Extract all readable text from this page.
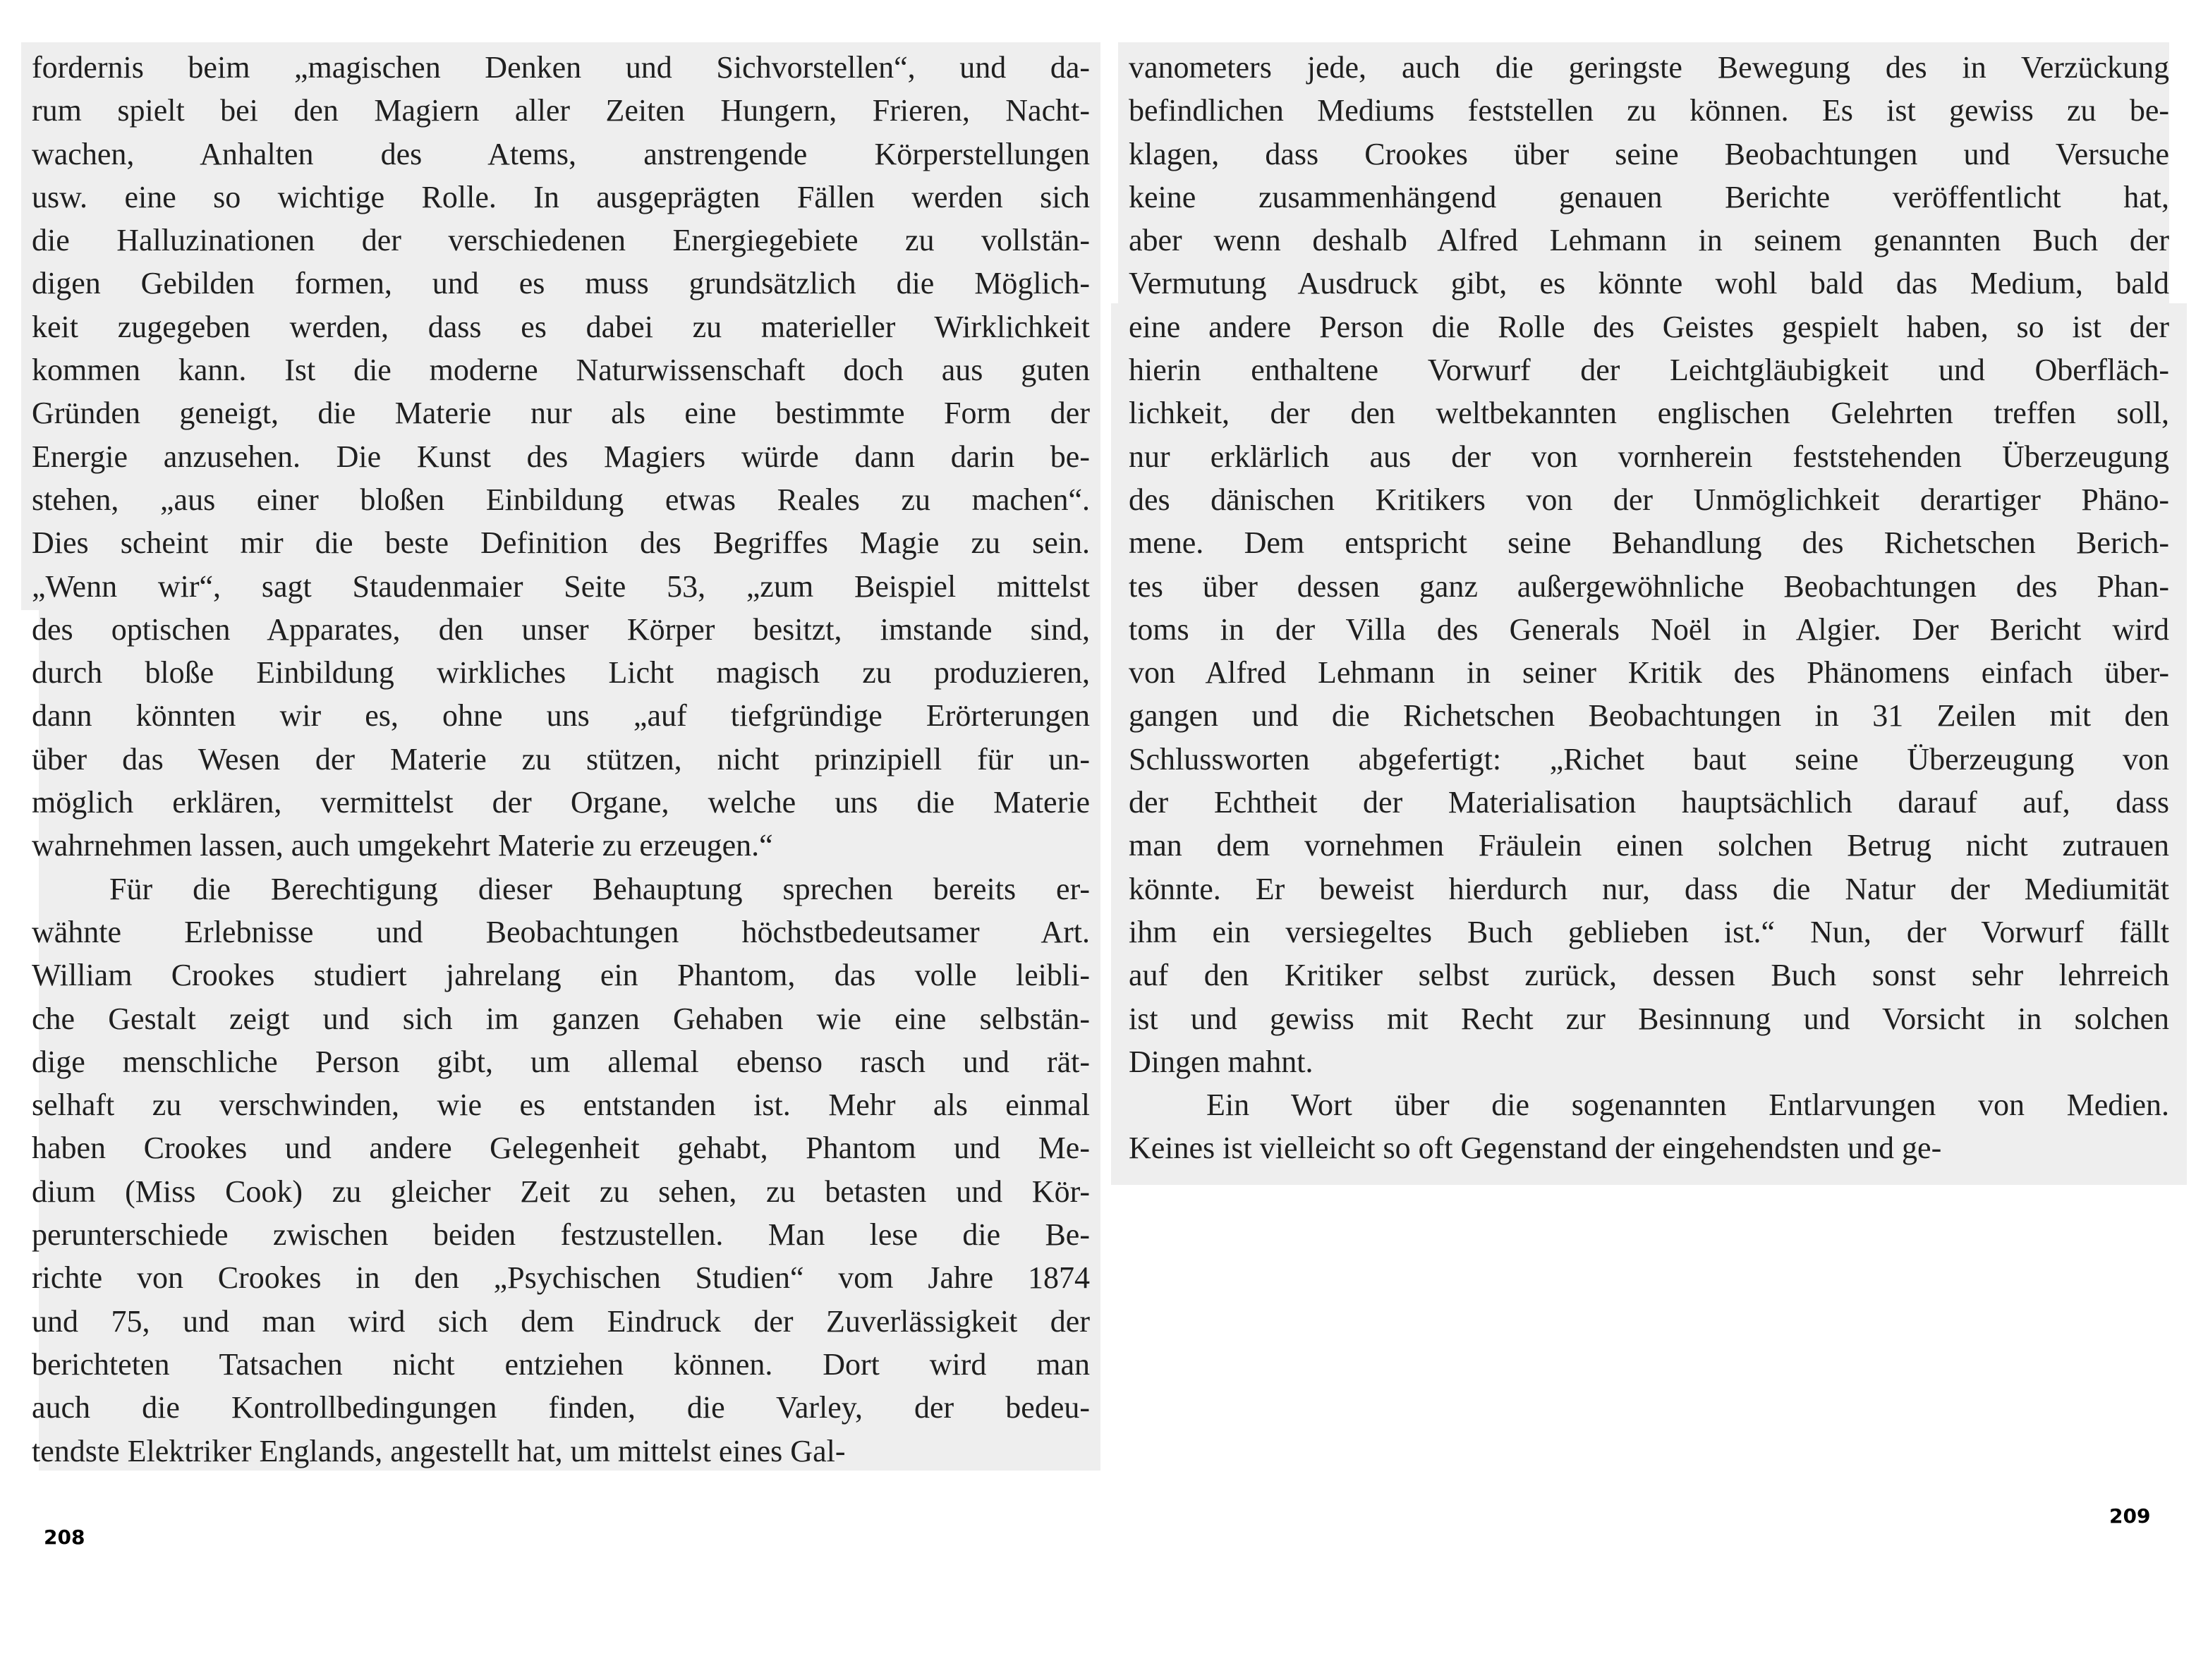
fordernis beim „magischen Denken und Sichvorstellen“, und da-
rum spielt bei den Magiern aller Zeiten Hungern, Frieren, Nacht-
wachen, Anhalten des Atems, anstrengende Körperstellungen
usw. eine so wichtige Rolle. In ausgeprägten Fällen werden sich
die Halluzinationen der verschiedenen Energiegebiete zu vollstän-
digen Gebilden formen, und es muss grundsätzlich die Möglich-
keit zugegeben werden, dass es dabei zu materieller Wirklichkeit
kommen kann. Ist die moderne Naturwissenschaft doch aus guten
Gründen geneigt, die Materie nur als eine bestimmte Form der
Energie anzusehen. Die Kunst des Magiers würde dann darin be-
stehen, „aus einer bloßen Einbildung etwas Reales zu machen“.
Dies scheint mir die beste Definition des Begriffes Magie zu sein.
„Wenn wir“, sagt Staudenmaier Seite 53, „zum Beispiel mittelst
des optischen Apparates, den unser Körper besitzt, imstande sind,
durch bloße Einbildung wirkliches Licht magisch zu produzieren,
dann könnten wir es, ohne uns „auf tiefgründige Erörterungen
über das Wesen der Materie zu stützen, nicht prinzipiell für un-
möglich erklären, vermittelst der Organe, welche uns die Materie
wahrnehmen lassen, auch umgekehrt Materie zu erzeugen.“
Für die Berechtigung dieser Behauptung sprechen bereits er-
wähnte Erlebnisse und Beobachtungen höchstbedeutsamer Art.
William Crookes studiert jahrelang ein Phantom, das volle leibli-
che Gestalt zeigt und sich im ganzen Gehaben wie eine selbstän-
dige menschliche Person gibt, um allemal ebenso rasch und rät-
selhaft zu verschwinden, wie es entstanden ist. Mehr als einmal
haben Crookes und andere Gelegenheit gehabt, Phantom und Me-
dium (Miss Cook) zu gleicher Zeit zu sehen, zu betasten und Kör-
perunterschiede zwischen beiden festzustellen. Man lese die Be-
richte von Crookes in den „Psychischen Studien“ vom Jahre 1874
und 75, und man wird sich dem Eindruck der Zuverlässigkeit der
berichteten Tatsachen nicht entziehen können. Dort wird man
auch die Kontrollbedingungen finden, die Varley, der bedeu-
tendste Elektriker Englands, angestellt hat, um mittelst eines Gal-
vanometers jede, auch die geringste Bewegung des in Verzückung
befindlichen Mediums feststellen zu können. Es ist gewiss zu be-
klagen, dass Crookes über seine Beobachtungen und Versuche
keine zusammenhängend genauen Berichte veröffentlicht hat,
aber wenn deshalb Alfred Lehmann in seinem genannten Buch der
Vermutung Ausdruck gibt, es könnte wohl bald das Medium, bald
eine andere Person die Rolle des Geistes gespielt haben, so ist der
hierin enthaltene Vorwurf der Leichtgläubigkeit und Oberfläch-
lichkeit, der den weltbekannten englischen Gelehrten treffen soll,
nur erklärlich aus der von vornherein feststehenden Überzeugung
des dänischen Kritikers von der Unmöglichkeit derartiger Phäno-
mene. Dem entspricht seine Behandlung des Richetschen Berich-
tes über dessen ganz außergewöhnliche Beobachtungen des Phan-
toms in der Villa des Generals Noël in Algier. Der Bericht wird
von Alfred Lehmann in seiner Kritik des Phänomens einfach über-
gangen und die Richetschen Beobachtungen in 31 Zeilen mit den
Schlussworten abgefertigt: „Richet baut seine Überzeugung von
der Echtheit der Materialisation hauptsächlich darauf auf, dass
man dem vornehmen Fräulein einen solchen Betrug nicht zutrauen
könnte. Er beweist hierdurch nur, dass die Natur der Mediumität
ihm ein versiegeltes Buch geblieben ist.“ Nun, der Vorwurf fällt
auf den Kritiker selbst zurück, dessen Buch sonst sehr lehrreich
ist und gewiss mit Recht zur Besinnung und Vorsicht in solchen
Dingen mahnt.
Ein Wort über die sogenannten Entlarvungen von Medien.
Keines ist vielleicht so oft Gegenstand der eingehendsten und ge-
208
209
